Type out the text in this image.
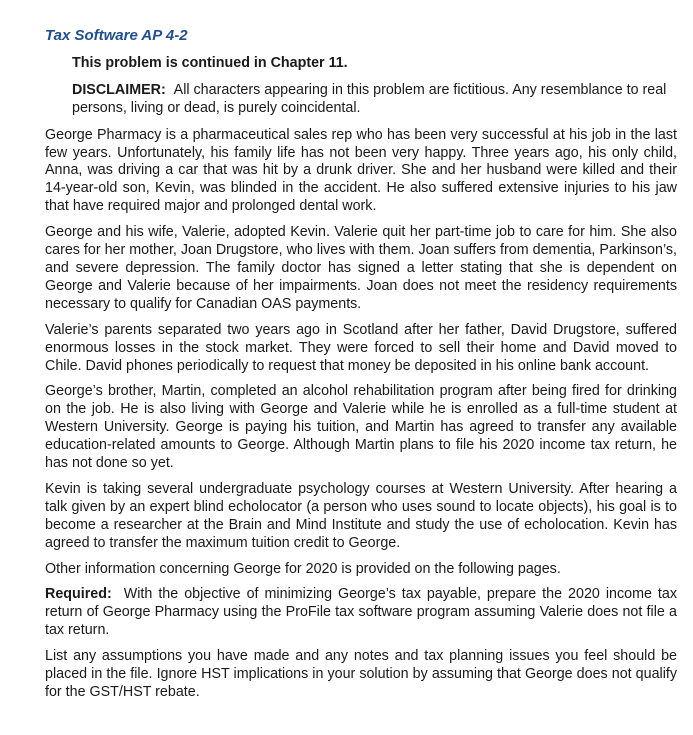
Tax Software AP 4-2
This problem is continued in Chapter 11.
DISCLAIMER: All characters appearing in this problem are fictitious. Any resemblance to real persons, living or dead, is purely coincidental.

George Pharmacy is a pharmaceutical sales rep who has been very successful at his job in the last few years. Unfortunately, his family life has not been very happy. Three years ago, his only child, Anna, was driving a car that was hit by a drunk driver. She and her husband were killed and their 14-year-old son, Kevin, was blinded in the accident. He also suffered extensive injuries to his jaw that have required major and prolonged dental work.

George and his wife, Valerie, adopted Kevin. Valerie quit her part-time job to care for him. She also cares for her mother, Joan Drugstore, who lives with them. Joan suffers from dementia, Parkinson’s, and severe depression. The family doctor has signed a letter stating that she is dependent on George and Valerie because of her impairments. Joan does not meet the residency requirements necessary to qualify for Canadian OAS payments.

Valerie’s parents separated two years ago in Scotland after her father, David Drugstore, suffered enormous losses in the stock market. They were forced to sell their home and David moved to Chile. David phones periodically to request that money be deposited in his online bank account.

George’s brother, Martin, completed an alcohol rehabilitation program after being fired for drinking on the job. He is also living with George and Valerie while he is enrolled as a full-time student at Western University. George is paying his tuition, and Martin has agreed to transfer any available education-related amounts to George. Although Martin plans to file his 2020 income tax return, he has not done so yet.

Kevin is taking several undergraduate psychology courses at Western University. After hearing a talk given by an expert blind echolocator (a person who uses sound to locate objects), his goal is to become a researcher at the Brain and Mind Institute and study the use of echolocation. Kevin has agreed to transfer the maximum tuition credit to George.

Other information concerning George for 2020 is provided on the following pages.

Required: With the objective of minimizing George’s tax payable, prepare the 2020 income tax return of George Pharmacy using the ProFile tax software program assuming Valerie does not file a tax return.

List any assumptions you have made and any notes and tax planning issues you feel should be placed in the file. Ignore HST implications in your solution by assuming that George does not qualify for the GST/HST rebate.
